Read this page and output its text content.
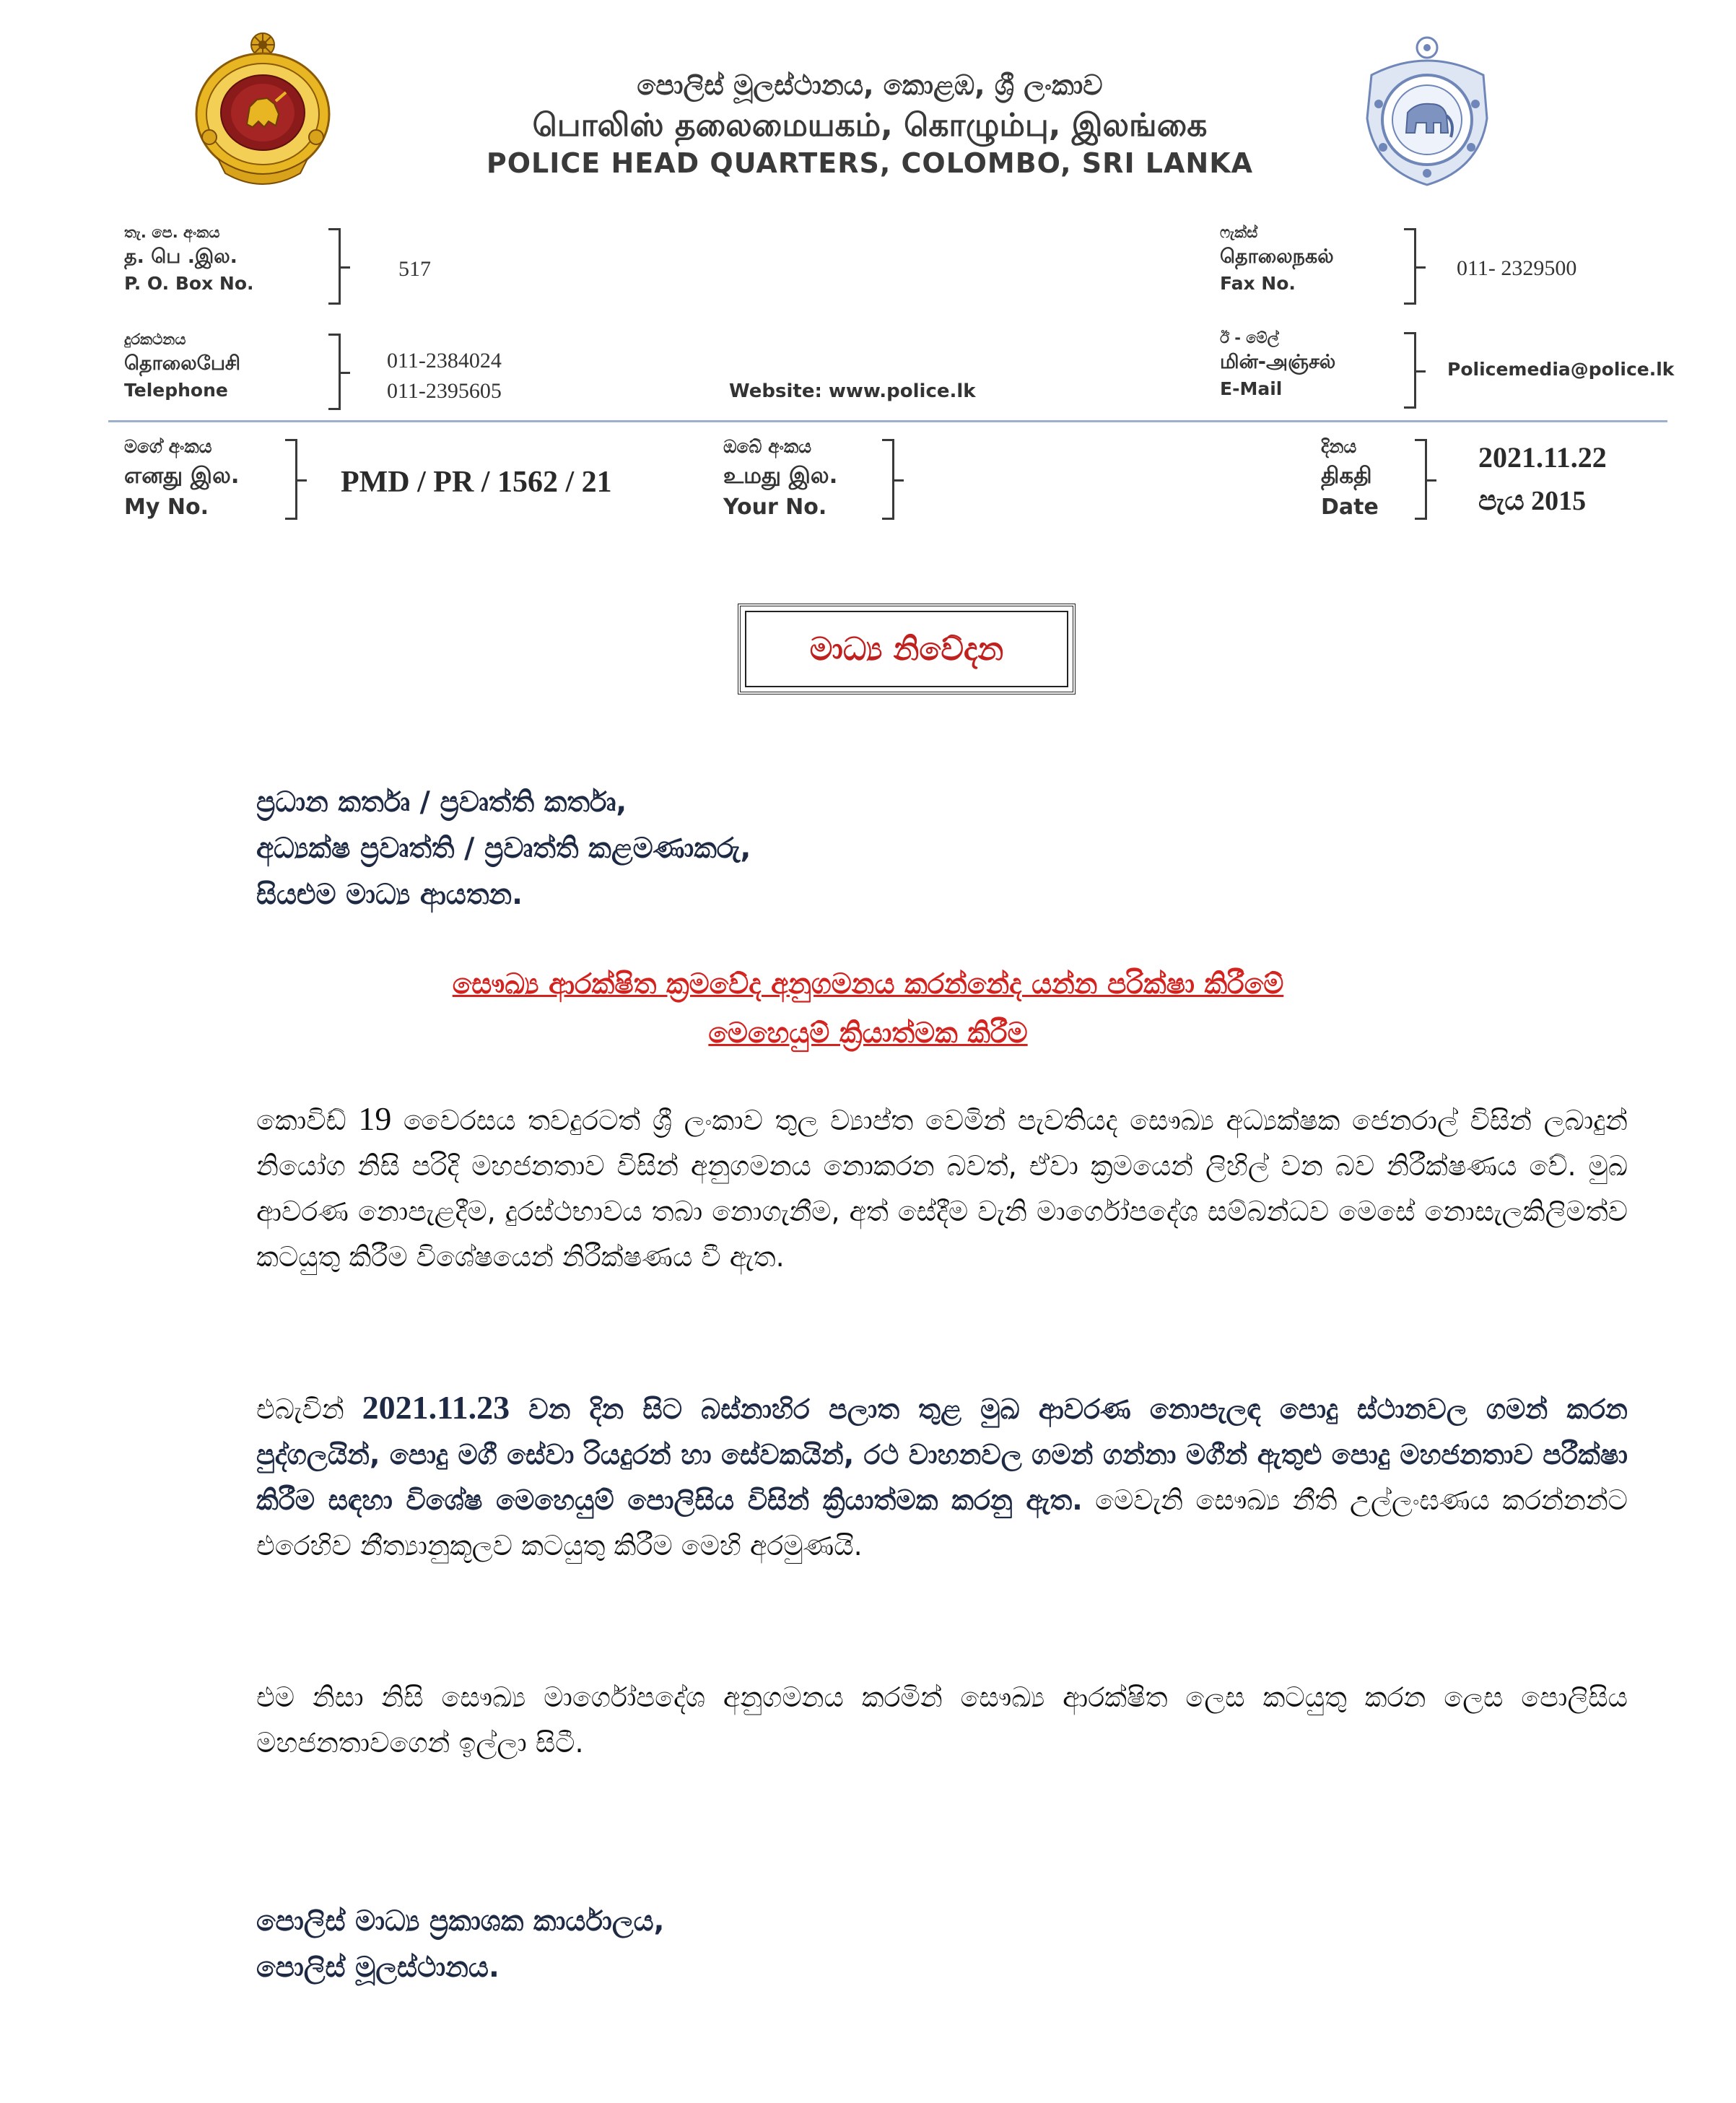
පොලිස් මූලස්ථානය, කොළඹ, ශ්‍රී ලංකාව
பொலிஸ் தலைமையகம், கொழும்பு, இலங்கை
POLICE HEAD QUARTERS, COLOMBO, SRI LANKA
තැ. පෙ. අංකය
த. பெ .இல.
P. O. Box No.
517
ෆැක්ස්
தொலைநகல்
Fax No.
011- 2329500
දුරකථනය
தொலைபேசி
Telephone
011-2384024
011-2395605	Website: www.police.lk
ඊ - මේල්
மின்-அஞ்சல்
E-Mail
Policemedia@police.lk
මගේ අංකය
எனது இல.
My No.
PMD / PR / 1562 / 21
ඔබේ අංකය
உமது இல.
Your No.
දිනය
திகதி
Date
2021.11.22
පැය 2015
මාධ්‍ය නිවේදන
ප්‍රධාන කර්තෘ / ප්‍රවෘත්ති කර්තෘ,
අධ්‍යක්ෂ ප්‍රවෘත්ති / ප්‍රවෘත්ති කළමණාකරු,
සියළුම මාධ්‍ය ආයතන.
සෞඛ්‍ය ආරක්ෂිත ක්‍රමවේද අනුගමනය කරන්නේද යන්න පරික්ෂා කිරීමේ
මෙහෙයුම් ක්‍රියාත්මක කිරීම
කොවිඩ් 19 වෛරසය තවදුරටත් ශ්‍රී ලංකාව තුල ව්‍යාප්ත වෙමින් පැවතියද සෞඛ්‍ය අධ්‍යක්ෂක ජෙනරාල් විසින් ලබාදුන් නියෝග නිසි පරිදි මහජනතාව විසින් අනුගමනය නොකරන බවත්, ඒවා ක්‍රමයෙන් ලිහිල් වන බව නිරීක්ෂණය වේ. මුඛ ආවරණ නොපැළදීම, දුරස්ථභාවය තබා නොගැනීම, අත් සේදීම වැනි මාර්ගෝපදේශ සම්බන්ධව මෙසේ නොසැලකිලිමත්ව කටයුතු කිරීම විශේෂයෙන් නිරීක්ෂණය වී ඇත.
එබැවින් 2021.11.23 වන දින සිට බස්නාහිර පලාත තුළ මුඛ ආවරණ නොපැලඳ පොදු ස්ථානවල ගමන් කරන පුද්ගලයින්, පොදු මගී සේවා රියදුරන් හා සේවකයින්, රථ වාහනවල ගමන් ගන්නා මගීන් ඇතුළු පොදු මහජනතාව පරීක්ෂා කිරීම සඳහා විශේෂ මෙහෙයුම් පොලිසිය විසින් ක්‍රියාත්මක කරනු ඇත. මෙවැනි සෞඛ්‍ය නීති උල්ලංඝණය කරන්නන්ට එරෙහිව නීත්‍යානුකූලව කටයුතු කිරීම මෙහි අරමුණයි.
එම නිසා නිසි සෞඛ්‍ය මාර්ගෝපදේශ අනුගමනය කරමින් සෞඛ්‍ය ආරක්ෂිත ලෙස කටයුතු කරන ලෙස පොලිසිය මහජනතාවගෙන් ඉල්ලා සිටී.
පොලිස් මාධ්‍ය ප්‍රකාශක කාර්යාලය,
පොලිස් මූලස්ථානය.
